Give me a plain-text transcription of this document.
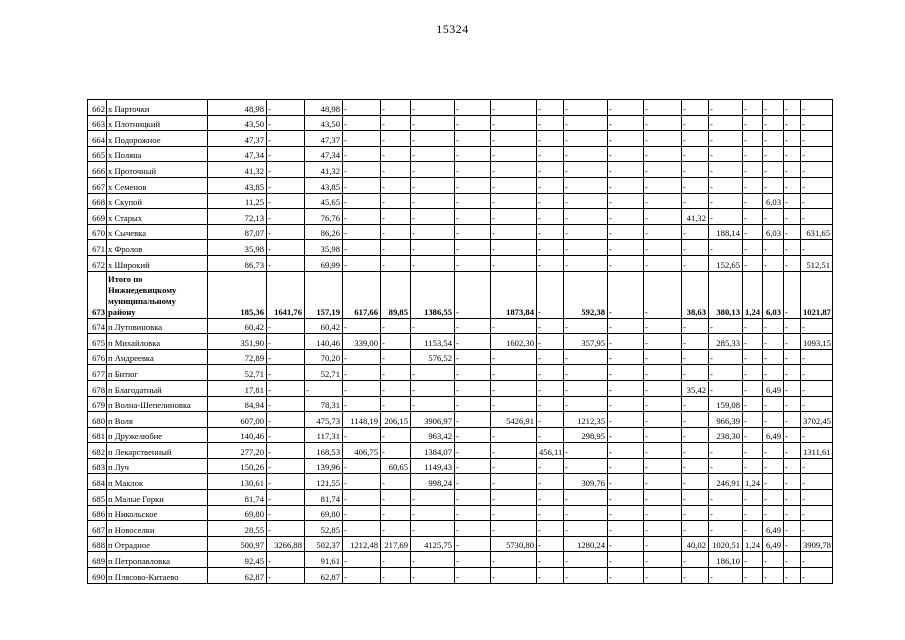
15324
662	х Парточки	48,98	-	48,98	-	-	-	-	-	-	-	-	-	-	-	-	-	-	-
663	х Плотницкий	43,50	-	43,50	-	-	-	-	-	-	-	-	-	-	-	-	-	-	-
664	х Подорожное	47,37	-	47,37	-	-	-	-	-	-	-	-	-	-	-	-	-	-	-
665	х Поляна	47,34	-	47,34	-	-	-	-	-	-	-	-	-	-	-	-	-	-	-
666	х Проточный	41,32	-	41,32	-	-	-	-	-	-	-	-	-	-	-	-	-	-	-
667	х Семенов	43,85	-	43,85	-	-	-	-	-	-	-	-	-	-	-	-	-	-	-
668	х Скупой	11,25	-	45,65	-	-	-	-	-	-	-	-	-	-	-	-	6,03	-	-
669	х Старых	72,13	-	76,76	-	-	-	-	-	-	-	-	-	41,32	-	-	-	-	-
670	х Сычевка	87,07	-	86,26	-	-	-	-	-	-	-	-	-	-	188,14	-	6,03	-	631,65
671	х Фролов	35,98	-	35,98	-	-	-	-	-	-	-	-	-	-	-	-	-	-	-
672	х Широкий	86,73	-	69,99	-	-	-	-	-	-	-	-	-	-	152,65	-	-	-	512,51
673	Итого по Нижнедевицкому муниципальному району	185,36	1641,76	157,19	617,66	89,85	1386,55	-	1873,84	-	592,38	-	-	38,63	380,13	1,24	6,03	-	1021,87
674	п Лутовиновка	60,42	-	60,42	-	-	-	-	-	-	-	-	-	-	-	-	-	-	-
675	п Михайловка	351,90	-	140,46	339,00	-	1153,54	-	1602,30	-	357,95	-	-	-	285,33	-	-	-	1093,15
676	п Андреевка	72,89	-	70,20	-	-	576,52	-	-	-	-	-	-	-	-	-	-	-	-
677	п Битюг	52,71	-	52,71	-	-	-	-	-	-	-	-	-	-	-	-	-	-	-
678	п Благодатный	17,81	-	-	-	-	-	-	-	-	-	-	-	35,42	-	-	6,49	-	-
679	п Волна-Шепелиновка	84,94	-	78,31	-	-	-	-	-	-	-	-	-	-	159,08	-	-	-	-
680	п Воля	607,00	-	475,73	1148,19	206,15	3906,97	-	5426,91	-	1212,35	-	-	-	966,39	-	-	-	3702,45
681	п Дружелюбие	140,46	-	117,31	-	-	963,42	-	-	-	298,95	-	-	-	238,30	-	6,49	-	-
682	п Лекарственный	277,20	-	168,53	406,75	-	1384,07	-	-	456,11	-	-	-	-	-	-	-	-	1311,61
683	п Луч	150,26	-	139,96	-	60,65	1149,43	-	-	-	-	-	-	-	-	-	-	-	-
684	п Маклок	130,61	-	121,55	-	-	998,24	-	-	-	309,76	-	-	-	246,91	1,24	-	-	-
685	п Малые Горки	81,74	-	81,74	-	-	-	-	-	-	-	-	-	-	-	-	-	-	-
686	п Никольское	69,80	-	69,80	-	-	-	-	-	-	-	-	-	-	-	-	-	-	-
687	п Новоселки	28,55	-	52,85	-	-	-	-	-	-	-	-	-	-	-	-	6,49	-	-
688	п Отрадное	500,97	3266,88	502,37	1212,48	217,69	4125,75	-	5730,80	-	1280,24	-	-	40,02	1020,51	1,24	6,49	-	3909,78
689	п Петропавловка	92,45	-	91,61	-	-	-	-	-	-	-	-	-	-	186,10	-	-	-	-
690	п Плясово-Китаево	62,87	-	62,87	-	-	-	-	-	-	-	-	-	-	-	-	-	-	-
